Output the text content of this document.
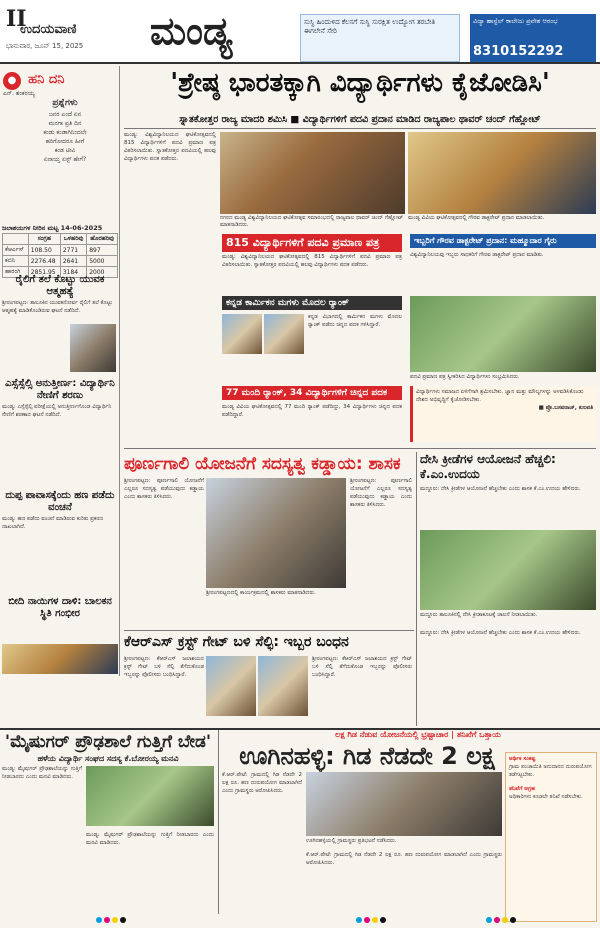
II
ಉದಯವಾಣಿ
ಭಾನುವಾರ, ಜೂನ್ 15, 2025 ಮಂಡ್ಯ	ಸುಸ್ಥಿ ಹಿಂದುಳಿದ ಕೆಲಸಗೆ ಸುಸ್ಥಿ ಸುರಕ್ಷಿತ ಉದ್ಯೋಗ ತರಬೇತಿ ಈಗಲೇನೆ ಸೇರಿ
ವಿದ್ಯಾ ಹಾಸ್ಟೆಲ್ ಕಾಲೇಜು ಪ್ರವೇಶ ಆರಂಭ
8310152292
● ಹನಿ ದನಿ
ಎನ್. ಶಂಕರಯ್ಯ
ಪ್ರಶ್ನೆಗಳು
ಜನರ ಎಂದೆ ಏನ
ಮನಗಾ ಪ್ರತಿ ದಿನ
ಕಂಡು ಕಂಡಾಗಿನಿಂದಲೇ
ಹರಿಗೋದರೂ ಹೀಗೆ
ಕಂಡ ಟೀವಿ
ಏನಾಯ್ತ ಏಸ್ಟ್ ಹೇಗೆ?
ಜಲಾಶಯಗಳ ನೀರಿನ ಮಟ್ಟ 14-06-2025
	ಸಂಗ್ರಹ	ಒಳಹರಿವು	ಹೊರಹರಿವು
ಕೆಆರ್ಎಸ್	108.50	2771	897
ಕಬಿನಿ	2276.48	2641	5000
ಹಾರಂಗಿ	2851.95	3184	2000
ರೈಲಿಗೆ ತಲೆ ಕೊಟ್ಟು ಯುವಕ ಆತ್ಮಹತ್ಯೆ
ಶ್ರೀರಂಗಪಟ್ಟಣ: ತಾಲೂಕಿನ ಯುವಕನೋರ್ವ ರೈಲಿಗೆ ತಲೆ ಕೊಟ್ಟು ಆತ್ಮಹತ್ಯೆ ಮಾಡಿಕೊಂಡಿರುವ ಘಟನೆ ನಡೆದಿದೆ.
ಎಸ್ಸೆಸ್ಸೆಲ್ಸಿ ಅನುತ್ತೀರ್ಣ: ವಿದ್ಯಾರ್ಥಿನಿ ನೇಣಿಗೆ ಶರಣು
ಮಂಡ್ಯ: ಎಸ್ಸೆಸ್ಸೆಲ್ಸಿ ಪರೀಕ್ಷೆಯಲ್ಲಿ ಅನುತ್ತೀರ್ಣಗೊಂಡ ವಿದ್ಯಾರ್ಥಿನಿ ನೇಣಿಗೆ ಶರಣಾದ ಘಟನೆ ನಡೆದಿದೆ.
ದುಪ್ಪ ಪಾವಾಸಕ್ಕೆಂದು ಹಣ ಪಡೆದು ವಂಚನೆ
ಮಂಡ್ಯ: ಹಣ ಪಡೆದು ವಂಚನೆ ಮಾಡಿರುವ ಕುರಿತು ಪ್ರಕರಣ ದಾಖಲಾಗಿದೆ.
ಬೀದಿ ನಾಯಿಗಳ ದಾಳಿ: ಬಾಲಕನ ಸ್ಥಿತಿ ಗಂಭೀರ
'ಶ್ರೇಷ್ಠ ಭಾರತಕ್ಕಾಗಿ ವಿದ್ಯಾರ್ಥಿಗಳು ಕೈಜೋಡಿಸಿ'
ಸ್ನಾತಕೋತ್ತರ ರಾಜ್ಯ ಮಾದರಿ ಶಮಿಸಿ ■ ವಿದ್ಯಾರ್ಥಿಗಳಿಗೆ ಪದವಿ ಪ್ರದಾನ ಮಾಡಿದ ರಾಜ್ಯಪಾಲ ಥಾವರ್ ಚಂದ್ ಗೆಹ್ಲೋಟ್
ನಗರದ ಮಂಡ್ಯ ವಿಶ್ವವಿದ್ಯಾನಿಲಯದ ಘಟಿಕೋತ್ಸವ ಸಮಾರಂಭದಲ್ಲಿ ರಾಜ್ಯಪಾಲ ಥಾವರ್ ಚಂದ್ ಗೆಹ್ಲೋಟ್ ಮಾತನಾಡಿದರು.
ಮಂಡ್ಯ ವಿವಿಯ ಘಟಿಕೋತ್ಸವದಲ್ಲಿ ಗೌರವ ಡಾಕ್ಟರೇಟ್ ಪ್ರದಾನ ಮಾಡಲಾಯಿತು.
ಮಂಡ್ಯ: ವಿಶ್ವವಿದ್ಯಾನಿಲಯದ ಘಟಿಕೋತ್ಸವದಲ್ಲಿ 815 ವಿದ್ಯಾರ್ಥಿಗಳಿಗೆ ಪದವಿ ಪ್ರಮಾಣ ಪತ್ರ ವಿತರಿಸಲಾಯಿತು. ಸ್ನಾತಕೋತ್ತರ ಪದವಿಯಲ್ಲಿ ಹಲವು ವಿದ್ಯಾರ್ಥಿಗಳು ಪದಕ ಪಡೆದರು.
815 ವಿದ್ಯಾರ್ಥಿಗಳಿಗೆ ಪದವಿ ಪ್ರಮಾಣ ಪತ್ರ
ಮಂಡ್ಯ: ವಿಶ್ವವಿದ್ಯಾನಿಲಯದ ಘಟಿಕೋತ್ಸವದಲ್ಲಿ 815 ವಿದ್ಯಾರ್ಥಿಗಳಿಗೆ ಪದವಿ ಪ್ರಮಾಣ ಪತ್ರ ವಿತರಿಸಲಾಯಿತು. ಸ್ನಾತಕೋತ್ತರ ಪದವಿಯಲ್ಲಿ ಹಲವು ವಿದ್ಯಾರ್ಥಿಗಳು ಪದಕ ಪಡೆದರು.
ಇಬ್ಬರಿಗೆ ಗೌರವ ಡಾಕ್ಟರೇಟ್ ಪ್ರದಾನ: ಮಹ್ಮೂದಾರ ಗೈರು
ವಿಶ್ವವಿದ್ಯಾನಿಲಯವು ಇಬ್ಬರು ಸಾಧಕರಿಗೆ ಗೌರವ ಡಾಕ್ಟರೇಟ್ ಪ್ರದಾನ ಮಾಡಿತು.
ಕನ್ನಡ ಕಾರ್ಮಿಕನ ಮಗಳು ಮೊದಲ ರ‍್ಯಾಂಕ್
ಕನ್ನಡ ವಿಭಾಗದಲ್ಲಿ ಕಾರ್ಮಿಕನ ಮಗಳು ಮೊದಲ ರ‍್ಯಾಂಕ್ ಪಡೆದು ಚಿನ್ನದ ಪದಕ ಗಳಿಸಿದ್ದಾರೆ.
ಪದವಿ ಪ್ರಮಾಣ ಪತ್ರ ಸ್ವೀಕರಿಸಿದ ವಿದ್ಯಾರ್ಥಿಗಳು ಸಂಭ್ರಮಿಸಿದರು.
77 ಮಂದಿ ರ‍್ಯಾಂಕ್, 34 ವಿದ್ಯಾರ್ಥಿಗಳಿಗೆ ಚಿನ್ನದ ಪದಕ
ಮಂಡ್ಯ ವಿವಿಯ ಘಟಿಕೋತ್ಸವದಲ್ಲಿ 77 ಮಂದಿ ರ‍್ಯಾಂಕ್ ಪಡೆದಿದ್ದು, 34 ವಿದ್ಯಾರ್ಥಿಗಳು ಚಿನ್ನದ ಪದಕ ಪಡೆದಿದ್ದಾರೆ.
ವಿದ್ಯಾರ್ಥಿಗಳು ಸಮಾಜದ ಏಳಿಗೆಗಾಗಿ ಶ್ರಮಿಸಬೇಕು. ಜ್ಞಾನ ಮತ್ತು ಮೌಲ್ಯಗಳನ್ನು ಅಳವಡಿಸಿಕೊಂಡು ದೇಶದ ಅಭಿವೃದ್ಧಿಗೆ ಕೈಜೋಡಿಸಬೇಕು.
■ ಪ್ರೊ.ಬಸವರಾಜ್, ಕುಲಪತಿ
ಪೂರ್ಣಗಾಲಿ ಯೋಜನೆಗೆ ಸದಸ್ಯತ್ವ ಕಡ್ಡಾಯ: ಶಾಸಕ
ಶ್ರೀರಂಗಪಟ್ಟಣ: ಪೂರ್ಣಗಾಲಿ ಯೋಜನೆಗೆ ಎಲ್ಲರೂ ಸದಸ್ಯತ್ವ ಪಡೆಯುವುದು ಕಡ್ಡಾಯ ಎಂದು ಶಾಸಕರು ತಿಳಿಸಿದರು.
ಶ್ರೀರಂಗಪಟ್ಟಣದಲ್ಲಿ ಕಾರ್ಯಕ್ರಮದಲ್ಲಿ ಶಾಸಕರು ಮಾತನಾಡಿದರು.
ಶ್ರೀರಂಗಪಟ್ಟಣ: ಪೂರ್ಣಗಾಲಿ ಯೋಜನೆಗೆ ಎಲ್ಲರೂ ಸದಸ್ಯತ್ವ ಪಡೆಯುವುದು ಕಡ್ಡಾಯ ಎಂದು ಶಾಸಕರು ತಿಳಿಸಿದರು.
ದೇಸಿ ಕ್ರೀಡೆಗಳ ಆಯೋಜನೆ ಹೆಚ್ಚಲಿ: ಕೆ.ಎಂ.ಉದಯ
ಮದ್ದೂರು: ದೇಸಿ ಕ್ರೀಡೆಗಳ ಆಯೋಜನೆ ಹೆಚ್ಚಬೇಕು ಎಂದು ಶಾಸಕ ಕೆ.ಎಂ.ಉದಯ ಹೇಳಿದರು.
ಮದ್ದೂರು ತಾಲೂಕಿನಲ್ಲಿ ದೇಸಿ ಕ್ರೀಡಾಕೂಟಕ್ಕೆ ಚಾಲನೆ ನೀಡಲಾಯಿತು.
ಮದ್ದೂರು: ದೇಸಿ ಕ್ರೀಡೆಗಳ ಆಯೋಜನೆ ಹೆಚ್ಚಬೇಕು ಎಂದು ಶಾಸಕ ಕೆ.ಎಂ.ಉದಯ ಹೇಳಿದರು.
ಕೆಆರ್‌ಎಸ್ ಕ್ರಸ್ಟ್ ಗೇಟ್ ಬಳಿ ಸೆಲ್ಫಿ: ಇಬ್ಬರ ಬಂಧನ
ಶ್ರೀರಂಗಪಟ್ಟಣ: ಕೆಆರ್‌ಎಸ್ ಜಲಾಶಯದ ಕ್ರಸ್ಟ್ ಗೇಟ್ ಬಳಿ ಸೆಲ್ಫಿ ತೆಗೆದುಕೊಂಡ ಇಬ್ಬರನ್ನು ಪೊಲೀಸರು ಬಂಧಿಸಿದ್ದಾರೆ.
ಶ್ರೀರಂಗಪಟ್ಟಣ: ಕೆಆರ್‌ಎಸ್ ಜಲಾಶಯದ ಕ್ರಸ್ಟ್ ಗೇಟ್ ಬಳಿ ಸೆಲ್ಫಿ ತೆಗೆದುಕೊಂಡ ಇಬ್ಬರನ್ನು ಪೊಲೀಸರು ಬಂಧಿಸಿದ್ದಾರೆ.
'ಮೈಷುಗರ್ ಪ್ರೌಢಶಾಲೆ ಗುತ್ತಿಗೆ ಬೇಡ'
ಹಳೆಯ ವಿದ್ಯಾರ್ಥಿ ಸಂಘದ ಸದಸ್ಯ ಕೆ.ಬೋರಯ್ಯ ಮನವಿ
ಮಂಡ್ಯ: ಮೈಷುಗರ್ ಪ್ರೌಢಶಾಲೆಯನ್ನು ಗುತ್ತಿಗೆ ನೀಡಬಾರದು ಎಂದು ಮನವಿ ಮಾಡಿದರು.
ಮಂಡ್ಯ: ಮೈಷುಗರ್ ಪ್ರೌಢಶಾಲೆಯನ್ನು ಗುತ್ತಿಗೆ ನೀಡಬಾರದು ಎಂದು ಮನವಿ ಮಾಡಿದರು.
ಲಕ್ಷ ಗಿಡ ನೆಡುವ ಯೋಜನೆಯಲ್ಲಿ ಭ್ರಷ್ಟಾಚಾರ | ತನಿಖೆಗೆ ಒತ್ತಾಯ
ಊಗಿನಹಳ್ಳಿ: ಗಿಡ ನೆಡದೇ 2 ಲಕ್ಷ
ಕೆ.ಆರ್.ಪೇಟೆ: ಗ್ರಾಮದಲ್ಲಿ ಗಿಡ ನೆಡದೇ 2 ಲಕ್ಷ ರೂ. ಹಣ ದುರುಪಯೋಗ ಮಾಡಲಾಗಿದೆ ಎಂದು ಗ್ರಾಮಸ್ಥರು ಆರೋಪಿಸಿದರು.
ಊಗಿನಹಳ್ಳಿಯಲ್ಲಿ ಗ್ರಾಮಸ್ಥರು ಪ್ರತಿಭಟನೆ ನಡೆಸಿದರು.
ಕೆ.ಆರ್.ಪೇಟೆ: ಗ್ರಾಮದಲ್ಲಿ ಗಿಡ ನೆಡದೇ 2 ಲಕ್ಷ ರೂ. ಹಣ ದುರುಪಯೋಗ ಮಾಡಲಾಗಿದೆ ಎಂದು ಗ್ರಾಮಸ್ಥರು ಆರೋಪಿಸಿದರು.
ಆರ್ಥಿಕ ಸಂಕಷ್ಟ
ಗ್ರಾಮ ಪಂಚಾಯಿತಿ ಅನುದಾನದ ದುರುಪಯೋಗ ತಡೆಗಟ್ಟಬೇಕು.
ತನಿಖೆಗೆ ಆಗ್ರಹ
ಅಧಿಕಾರಿಗಳು ಕೂಡಲೇ ತನಿಖೆ ನಡೆಸಬೇಕು.
